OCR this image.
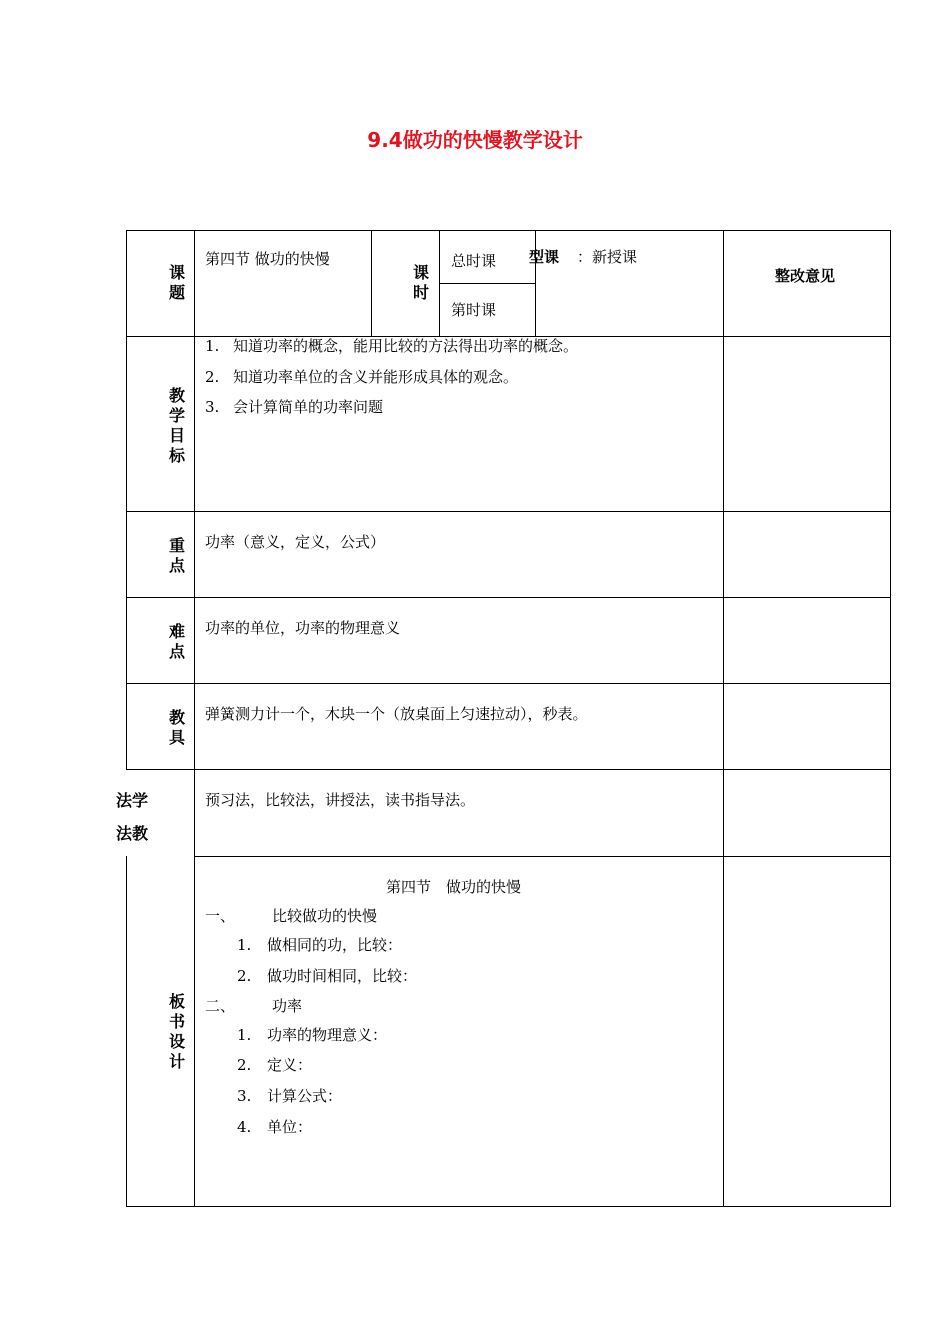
9.4做功的快慢教学设计
课题
第四节 做功的快慢
课时
总时课
第时课
型课 ：新授课
整改意见
教学目标
1. 知道功率的概念，能用比较的方法得出功率的概念。
2. 知道功率单位的含义并能形成具体的观念。
3. 会计算简单的功率问题
重点
功率（意义，定义，公式）
难点
功率的单位，功率的物理意义
教具
弹簧测力计一个，木块一个（放桌面上匀速拉动），秒表。
法学
法教
预习法，比较法，讲授法，读书指导法。
板书设计
第四节　做功的快慢
一、 比较做功的快慢
1. 做相同的功，比较：
2. 做功时间相同，比较：
二、 功率
1. 功率的物理意义：
2. 定义：
3. 计算公式：
4. 单位：
